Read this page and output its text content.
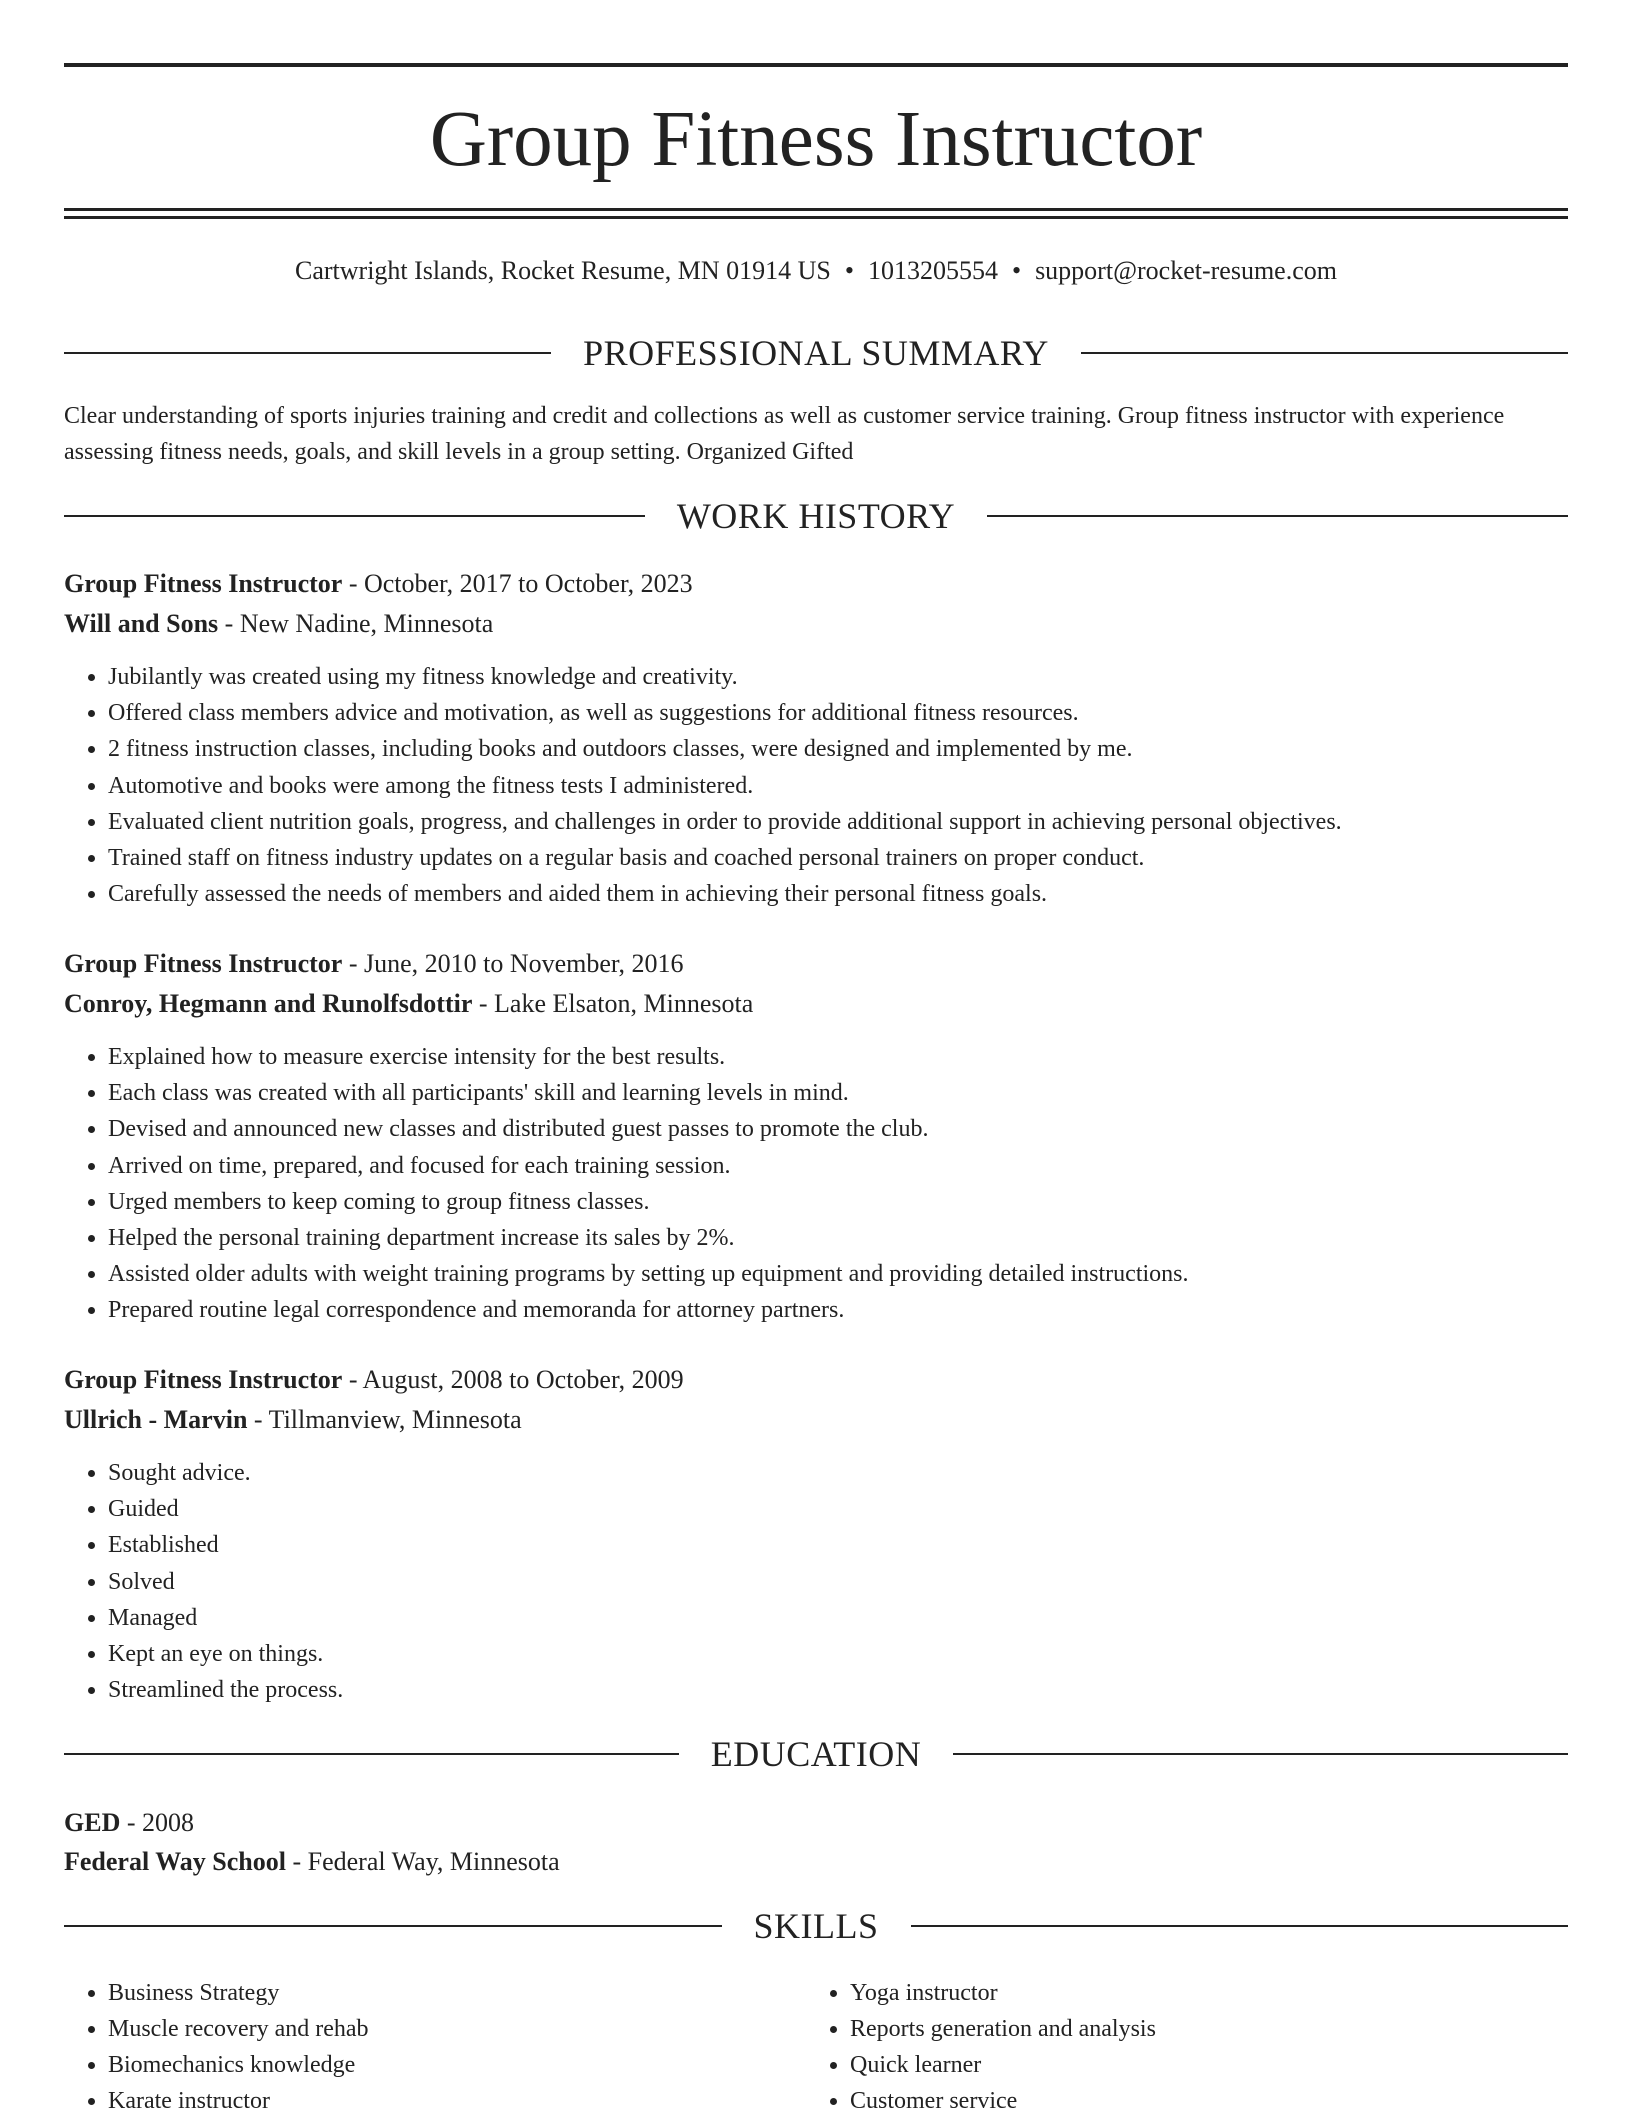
Group Fitness Instructor
Cartwright Islands, Rocket Resume, MN 01914 US • 1013205554 • support@rocket-resume.com
PROFESSIONAL SUMMARY

Clear understanding of sports injuries training and credit and collections as well as customer service training. Group fitness instructor with experience assessing fitness needs, goals, and skill levels in a group setting. Organized Gifted

WORK HISTORY
Group Fitness Instructor - October, 2017 to October, 2023
Will and Sons - New Nadine, Minnesota
• Jubilantly was created using my fitness knowledge and creativity.
• Offered class members advice and motivation, as well as suggestions for additional fitness resources.
• 2 fitness instruction classes, including books and outdoors classes, were designed and implemented by me.
• Automotive and books were among the fitness tests I administered.
• Evaluated client nutrition goals, progress, and challenges in order to provide additional support in achieving personal objectives.
• Trained staff on fitness industry updates on a regular basis and coached personal trainers on proper conduct.
• Carefully assessed the needs of members and aided them in achieving their personal fitness goals.
Group Fitness Instructor - June, 2010 to November, 2016
Conroy, Hegmann and Runolfsdottir - Lake Elsaton, Minnesota
• Explained how to measure exercise intensity for the best results.
• Each class was created with all participants' skill and learning levels in mind.
• Devised and announced new classes and distributed guest passes to promote the club.
• Arrived on time, prepared, and focused for each training session.
• Urged members to keep coming to group fitness classes.
• Helped the personal training department increase its sales by 2%.
• Assisted older adults with weight training programs by setting up equipment and providing detailed instructions.
• Prepared routine legal correspondence and memoranda for attorney partners.
Group Fitness Instructor - August, 2008 to October, 2009
Ullrich - Marvin - Tillmanview, Minnesota
• Sought advice.
• Guided
• Established
• Solved
• Managed
• Kept an eye on things.
• Streamlined the process.
EDUCATION
GED - 2008
Federal Way School - Federal Way, Minnesota
SKILLS
• Business Strategy
• Muscle recovery and rehab
• Biomechanics knowledge
• Karate instructor
• Yoga instructor
• Reports generation and analysis
• Quick learner
• Customer service
